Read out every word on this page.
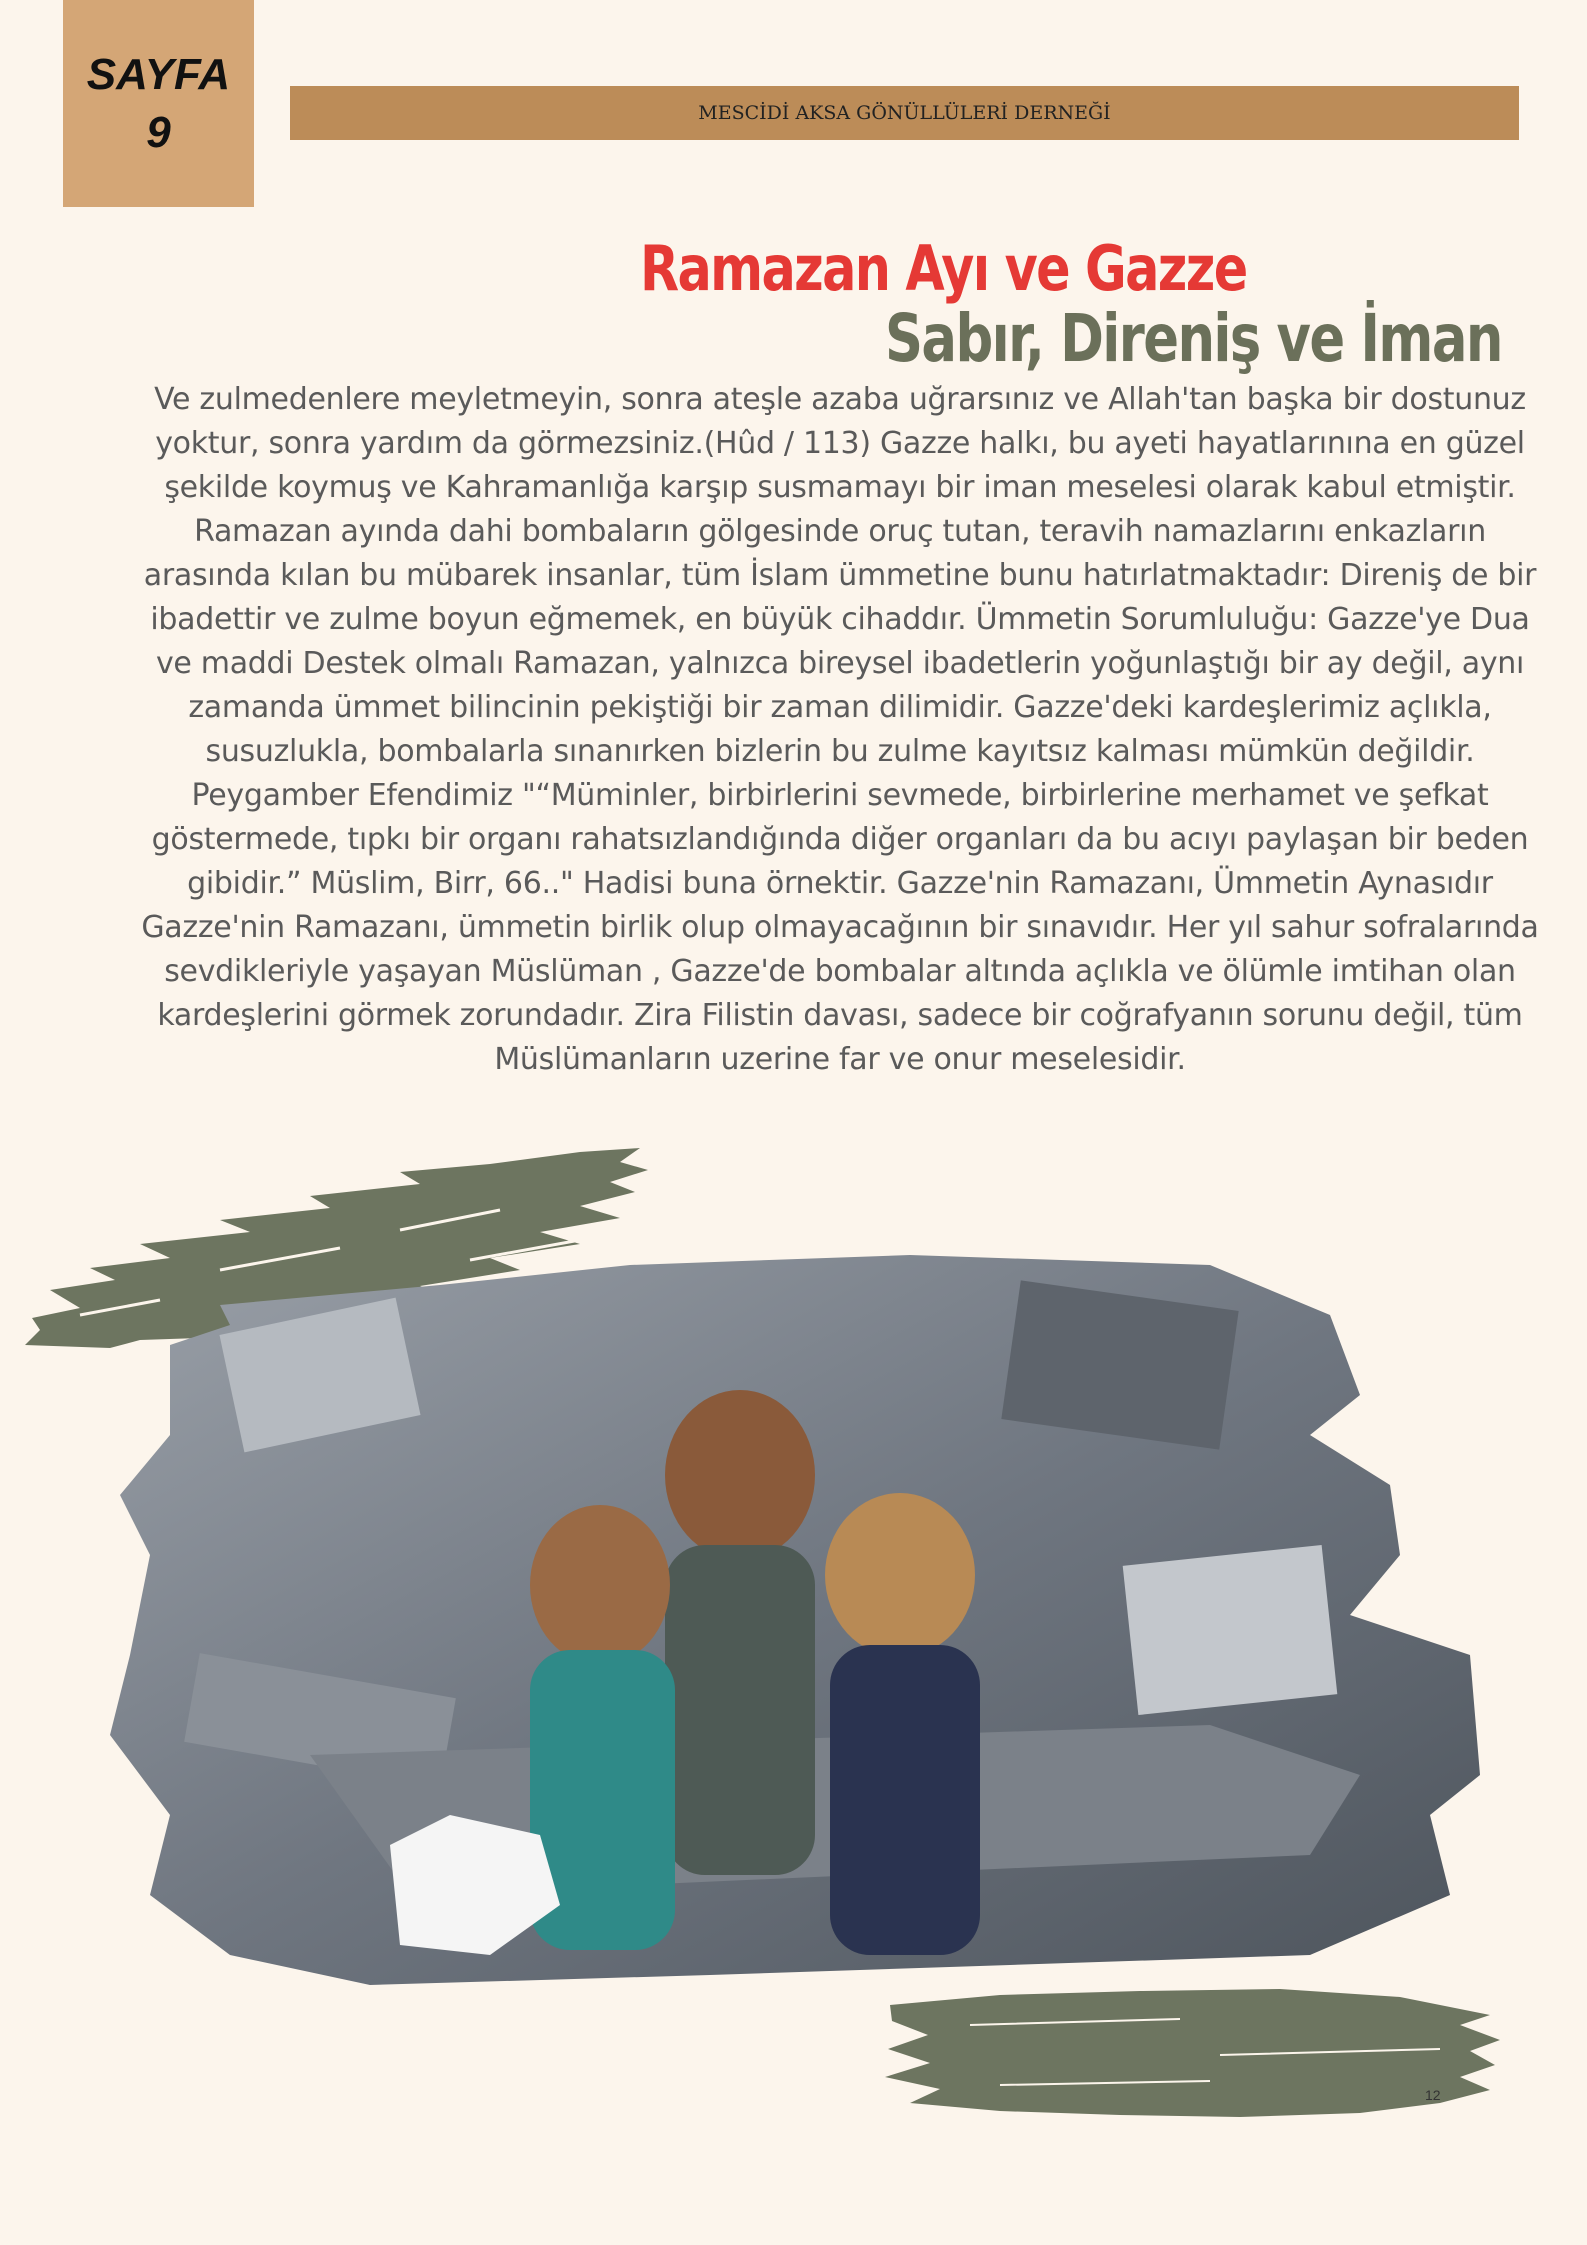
SAYFA
9	MESCİDİ AKSA GÖNÜLLÜLERİ DERNEĞİ
Ramazan Ayı ve Gazze
Sabır, Direniş ve İman

Ve zulmedenlere meyletmeyin, sonra ateşle azaba uğrarsınız ve Allah'tan başka bir dostunuz yoktur, sonra yardım da görmezsiniz.(Hûd / 113) Gazze halkı, bu ayeti hayatlarınına en güzel şekilde koymuş ve Kahramanlığa karşıp susmamayı bir iman meselesi olarak kabul etmiştir. Ramazan ayında dahi bombaların gölgesinde oruç tutan, teravih namazlarını enkazların arasında kılan bu mübarek insanlar, tüm İslam ümmetine bunu hatırlatmaktadır: Direniş de bir ibadettir ve zulme boyun eğmemek, en büyük cihaddır. Ümmetin Sorumluluğu: Gazze'ye Dua ve maddi Destek olmalı Ramazan, yalnızca bireysel ibadetlerin yoğunlaştığı bir ay değil, aynı zamanda ümmet bilincinin pekiştiği bir zaman dilimidir. Gazze'deki kardeşlerimiz açlıkla, susuzlukla, bombalarla sınanırken bizlerin bu zulme kayıtsız kalması mümkün değildir. Peygamber Efendimiz "“Müminler, birbirlerini sevmede, birbirlerine merhamet ve şefkat göstermede, tıpkı bir organı rahatsızlandığında diğer organları da bu acıyı paylaşan bir beden gibidir.” Müslim, Birr, 66.." Hadisi buna örnektir. Gazze'nin Ramazanı, Ümmetin Aynasıdır Gazze'nin Ramazanı, ümmetin birlik olup olmayacağının bir sınavıdır. Her yıl sahur sofralarında sevdikleriyle yaşayan Müslüman , Gazze'de bombalar altında açlıkla ve ölümle imtihan olan kardeşlerini görmek zorundadır. Zira Filistin davası, sadece bir coğrafyanın sorunu değil, tüm Müslümanların uzerine far ve onur meselesidir.

12
